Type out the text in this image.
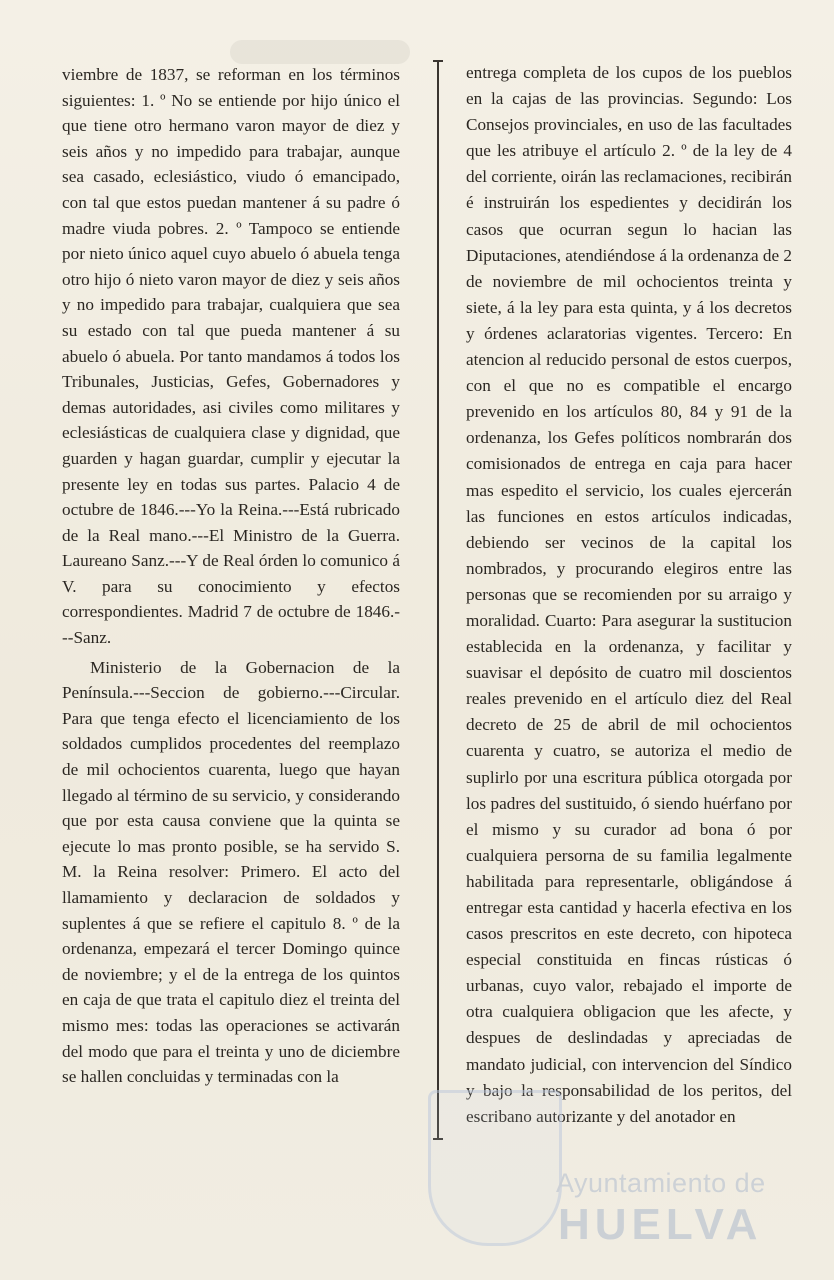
viembre de 1837, se reforman en los términos siguientes: 1. º No se entiende por hijo único el que tiene otro hermano varon mayor de diez y seis años y no impedido para trabajar, aunque sea casado, eclesiástico, viudo ó emancipado, con tal que estos puedan mantener á su padre ó madre viuda pobres. 2. º Tampoco se entiende por nieto único aquel cuyo abuelo ó abuela tenga otro hijo ó nieto varon mayor de diez y seis años y no impedido para trabajar, cualquiera que sea su estado con tal que pueda mantener á su abuelo ó abuela. Por tanto mandamos á todos los Tribunales, Justicias, Gefes, Gobernadores y demas autoridades, asi civiles como militares y eclesiásticas de cualquiera clase y dignidad, que guarden y hagan guardar, cumplir y ejecutar la presente ley en todas sus partes. Palacio 4 de octubre de 1846.---Yo la Reina.---Está rubricado de la Real mano.---El Ministro de la Guerra. Laureano Sanz.---Y de Real órden lo comunico á V. para su conocimiento y efectos correspondientes. Madrid 7 de octubre de 1846.---Sanz.

Ministerio de la Gobernacion de la Península.---Seccion de gobierno.---Circular. Para que tenga efecto el licenciamiento de los soldados cumplidos procedentes del reemplazo de mil ochocientos cuarenta, luego que hayan llegado al término de su servicio, y considerando que por esta causa conviene que la quinta se ejecute lo mas pronto posible, se ha servido S. M. la Reina resolver: Primero. El acto del llamamiento y declaracion de soldados y suplentes á que se refiere el capitulo 8. º de la ordenanza, empezará el tercer Domingo quince de noviembre; y el de la entrega de los quintos en caja de que trata el capitulo diez el treinta del mismo mes: todas las operaciones se activarán del modo que para el treinta y uno de diciembre se hallen concluidas y terminadas con la

entrega completa de los cupos de los pueblos en la cajas de las provincias. Segundo: Los Consejos provinciales, en uso de las facultades que les atribuye el artículo 2. º de la ley de 4 del corriente, oirán las reclamaciones, recibirán é instruirán los espedientes y decidirán los casos que ocurran segun lo hacian las Diputaciones, atendiéndose á la ordenanza de 2 de noviembre de mil ochocientos treinta y siete, á la ley para esta quinta, y á los decretos y órdenes aclaratorias vigentes. Tercero: En atencion al reducido personal de estos cuerpos, con el que no es compatible el encargo prevenido en los artículos 80, 84 y 91 de la ordenanza, los Gefes políticos nombrarán dos comisionados de entrega en caja para hacer mas espedito el servicio, los cuales ejercerán las funciones en estos artículos indicadas, debiendo ser vecinos de la capital los nombrados, y procurando elegiros entre las personas que se recomienden por su arraigo y moralidad. Cuarto: Para asegurar la sustitucion establecida en la ordenanza, y facilitar y suavisar el depósito de cuatro mil doscientos reales prevenido en el artículo diez del Real decreto de 25 de abril de mil ochocientos cuarenta y cuatro, se autoriza el medio de suplirlo por una escritura pública otorgada por los padres del sustituido, ó siendo huérfano por el mismo y su curador ad bona ó por cualquiera persorna de su familia legalmente habilitada para representarle, obligándose á entregar esta cantidad y hacerla efectiva en los casos prescritos en este decreto, con hipoteca especial constituida en fincas rústicas ó urbanas, cuyo valor, rebajado el importe de otra cualquiera obligacion que les afecte, y despues de deslindadas y apreciadas de mandato judicial, con intervencion del Síndico y bajo la responsabilidad de los peritos, del escribano autorizante y del anotador en

Ayuntamiento de
HUELVA
